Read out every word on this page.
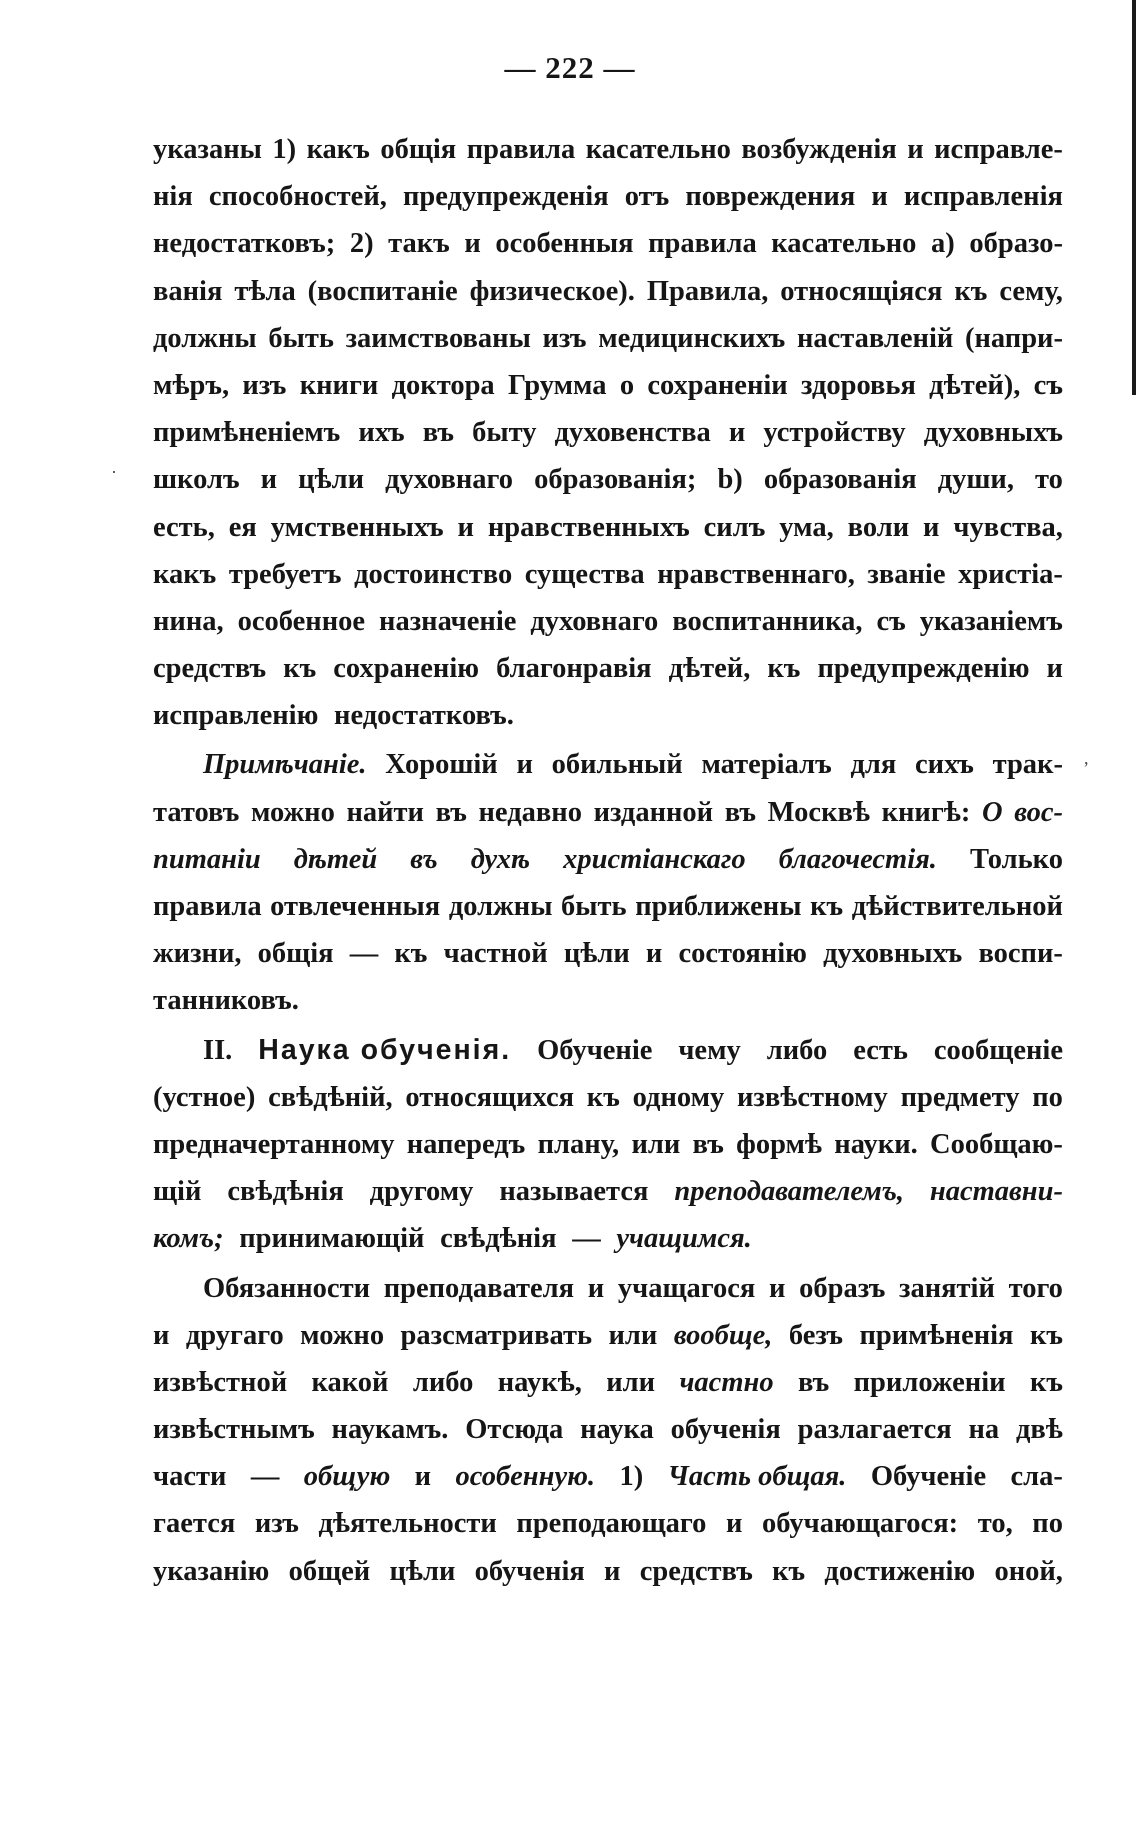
— 222 —
·
,
указаны 1) какъ общія правила касательно возбужденія и исправле-
нія способностей, предупрежденія отъ повреждения и исправленія
недостатковъ; 2) такъ и особенныя правила касательно a) образо-
ванія тѣла (воспитаніе физическое). Правила, относящіяся къ сему,
должны быть заимствованы изъ медицинскихъ наставленій (напри-
мѣръ, изъ книги доктора Грумма о сохраненіи здоровья дѣтей), съ
примѣненіемъ ихъ въ быту духовенства и устройству духовныхъ
школъ и цѣли духовнаго образованія; b) образованія души, то
есть, ея умственныхъ и нравственныхъ силъ ума, воли и чувства,
какъ требуетъ достоинство существа нравственнаго, званіе христіа-
нина, особенное назначеніе духовнаго воспитанника, съ указаніемъ
средствъ къ сохраненію благонравія дѣтей, къ предупрежденію и
исправленію недостатковъ.
Примѣчаніе. Хорошій и обильный матеріалъ для сихъ трак-
татовъ можно найти въ недавно изданной въ Москвѣ книгѣ: О вос-
питаніи дѣтей въ духѣ христіанскаго благочестія. Только
правила отвлеченныя должны быть приближены къ дѣйствительной
жизни, общія — къ частной цѣли и состоянію духовныхъ воспи-
танниковъ.
II. Наука обученія. Обученіе чему либо есть сообщеніе
(устное) свѣдѣній, относящихся къ одному извѣстному предмету по
предначертанному напередъ плану, или въ формѣ науки. Сообщаю-
щій свѣдѣнія другому называется преподавателемъ, наставни-
комъ; принимающій свѣдѣнія — учащимся.
Обязанности преподавателя и учащагося и образъ занятій того
и другаго можно разсматривать или вообще, безъ примѣненія къ
извѣстной какой либо наукѣ, или частно въ приложеніи къ
извѣстнымъ наукамъ. Отсюда наука обученія разлагается на двѣ
части — общую и особенную. 1) Часть общая. Обученіе сла-
гается изъ дѣятельности преподающаго и обучающагося: то, по
указанію общей цѣли обученія и средствъ къ достиженію оной,
